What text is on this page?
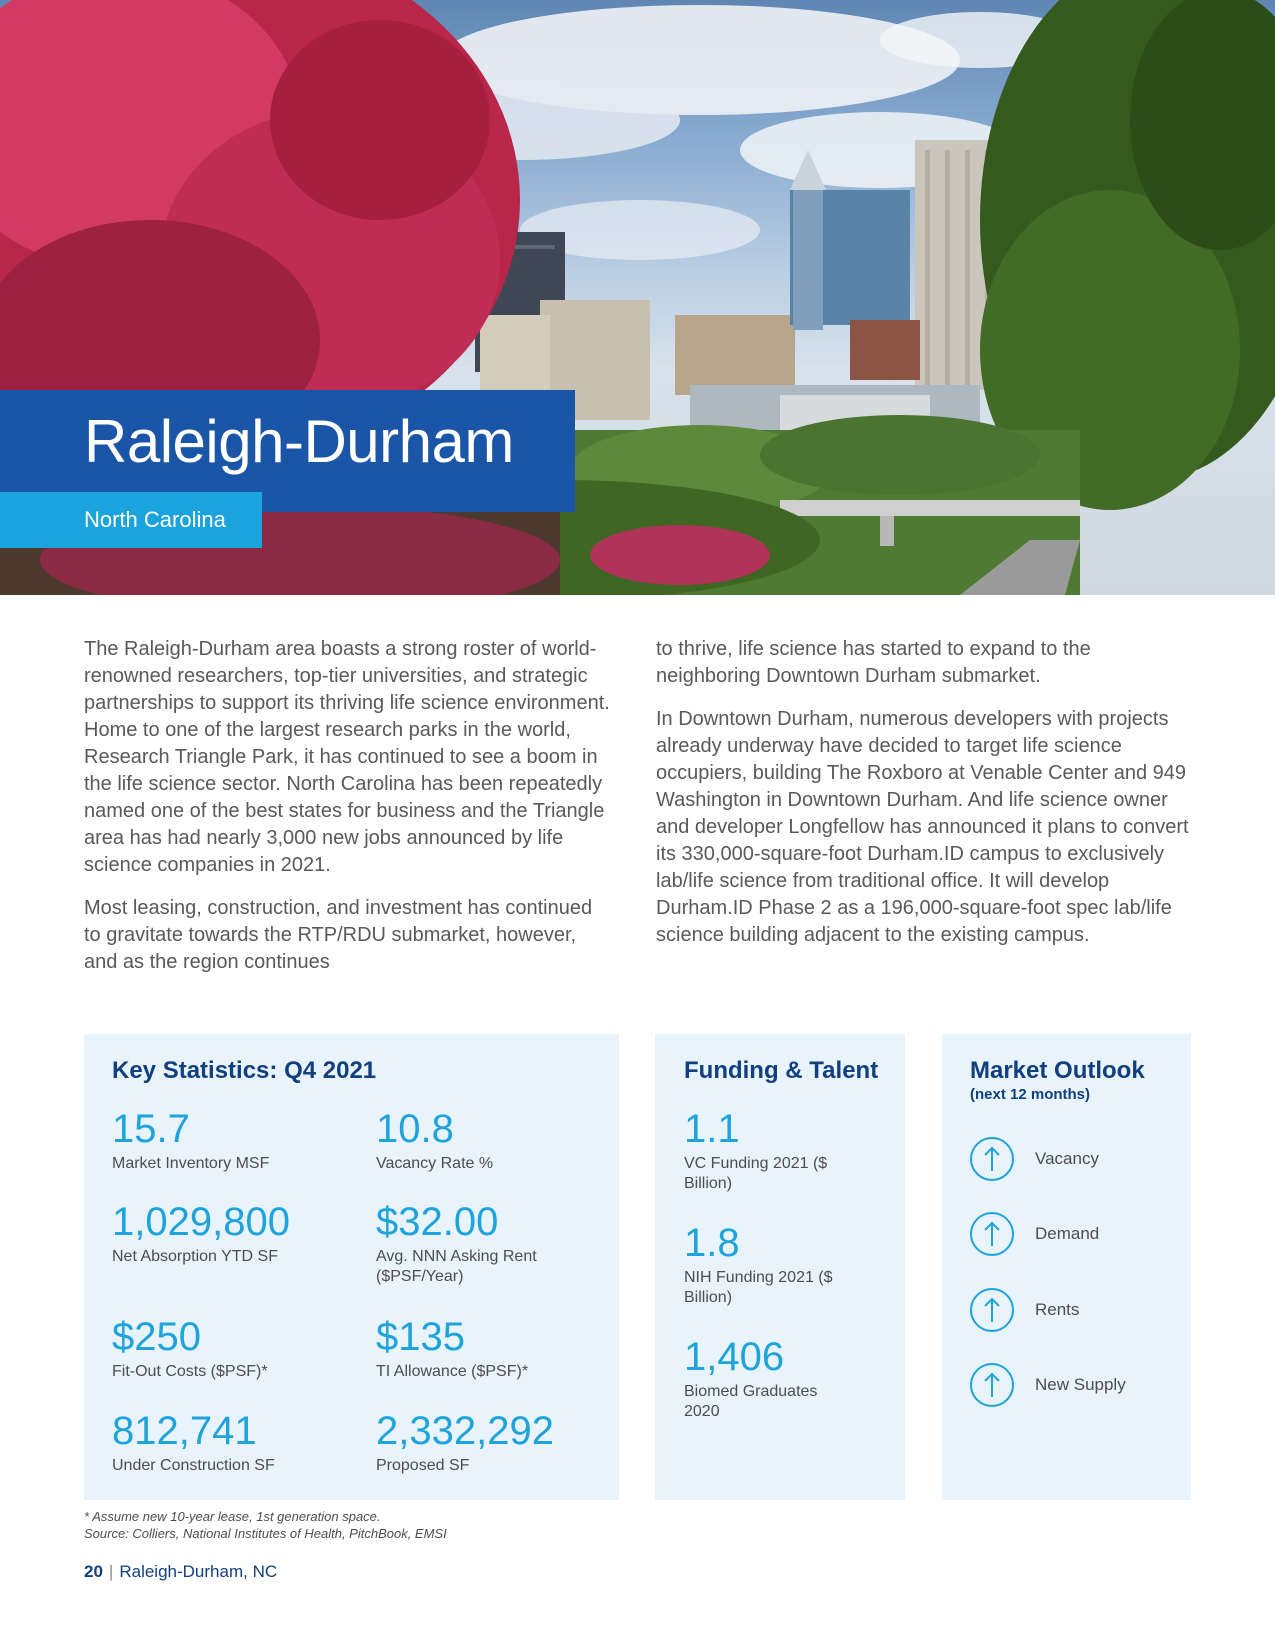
Raleigh-Durham
North Carolina

The Raleigh-Durham area boasts a strong roster of world-renowned researchers, top-tier universities, and strategic partnerships to support its thriving life science environment. Home to one of the largest research parks in the world, Research Triangle Park, it has continued to see a boom in the life science sector. North Carolina has been repeatedly named one of the best states for business and the Triangle area has had nearly 3,000 new jobs announced by life science companies in 2021.

Most leasing, construction, and investment has continued to gravitate towards the RTP/RDU submarket, however, and as the region continues

to thrive, life science has started to expand to the neighboring Downtown Durham submarket.

In Downtown Durham, numerous developers with projects already underway have decided to target life science occupiers, building The Roxboro at Venable Center and 949 Washington in Downtown Durham. And life science owner and developer Longfellow has announced it plans to convert its 330,000-square-foot Durham.ID campus to exclusively lab/life science from traditional office. It will develop Durham.ID Phase 2 as a 196,000-square-foot spec lab/life science building adjacent to the existing campus.

Key Statistics: Q4 2021
15.7
Market Inventory MSF
10.8
Vacancy Rate %
1,029,800
Net Absorption YTD SF
$32.00
Avg. NNN Asking Rent ($PSF/Year)
$250
Fit-Out Costs ($PSF)*
$135
TI Allowance ($PSF)*
812,741
Under Construction SF
2,332,292
Proposed SF
Funding & Talent
1.1
VC Funding 2021 ($ Billion)
1.8
NIH Funding 2021 ($ Billion)
1,406
Biomed Graduates 2020
Market Outlook
(next 12 months)
Vacancy
Demand
Rents
New Supply
* Assume new 10-year lease, 1st generation space.
Source: Colliers, National Institutes of Health, PitchBook, EMSI
20 | Raleigh-Durham, NC
